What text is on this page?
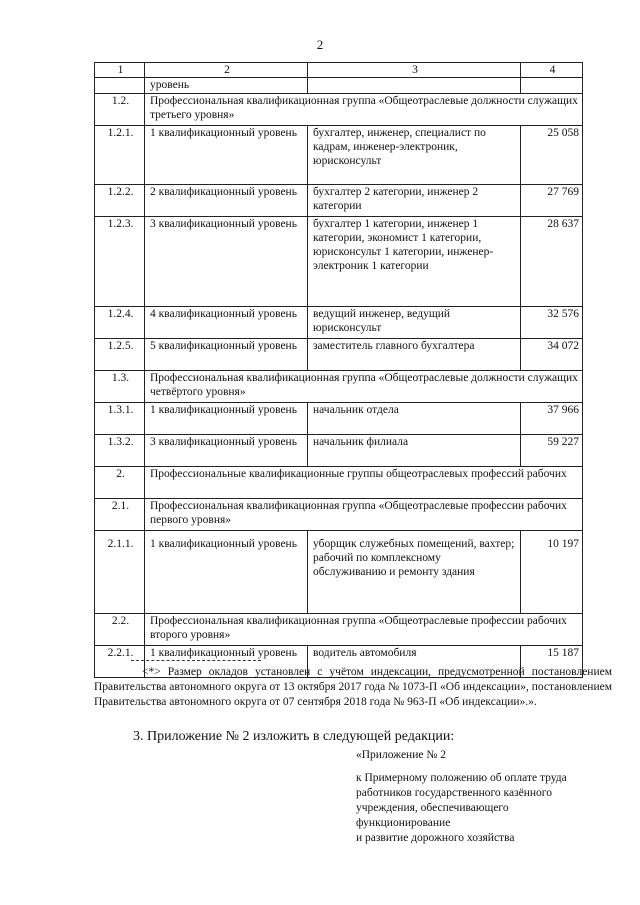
2
1	2	3	4
	уровень		
1.2.	Профессиональная квалификационная группа «Общеотраслевые должности служащих третьего уровня»		
1.2.1.	1 квалификационный уровень	бухгалтер, инженер, специалист по кадрам, инженер-электроник, юрисконсульт	25 058
1.2.2.	2 квалификационный уровень	бухгалтер 2 категории, инженер 2 категории	27 769
1.2.3.	3 квалификационный уровень	бухгалтер 1 категории, инженер 1 категории, экономист 1 категории, юрисконсульт 1 категории, инженер-электроник 1 категории	28 637
1.2.4.	4 квалификационный уровень	ведущий инженер, ведущий юрисконсульт	32 576
1.2.5.	5 квалификационный уровень	заместитель главного бухгалтера	34 072
1.3.	Профессиональная квалификационная группа «Общеотраслевые должности служащих четвёртого уровня»		
1.3.1.	1 квалификационный уровень	начальник отдела	37 966
1.3.2.	3 квалификационный уровень	начальник филиала	59 227
2.	Профессиональные квалификационные группы общеотраслевых профессий рабочих		
2.1.	Профессиональная квалификационная группа «Общеотраслевые профессии рабочих первого уровня»		
2.1.1.	1 квалификационный уровень	уборщик служебных помещений, вахтер; рабочий по комплексному обслуживанию и ремонту здания	10 197
2.2.	Профессиональная квалификационная группа «Общеотраслевые профессии рабочих второго уровня»		
2.2.1.	1 квалификационный уровень	водитель автомобиля	15 187
<*> Размер окладов установлен с учётом индексации, предусмотренной постановлением Правительства автономного округа от 13 октября 2017 года № 1073-П «Об индексации», постановлением Правительства автономного округа от 07 сентября 2018 года № 963-П «Об индексации».».
3. Приложение № 2 изложить в следующей редакции:
«Приложение № 2
к Примерному положению об оплате труда
работников государственного казённого
учреждения, обеспечивающего
функционирование
и развитие дорожного хозяйства
